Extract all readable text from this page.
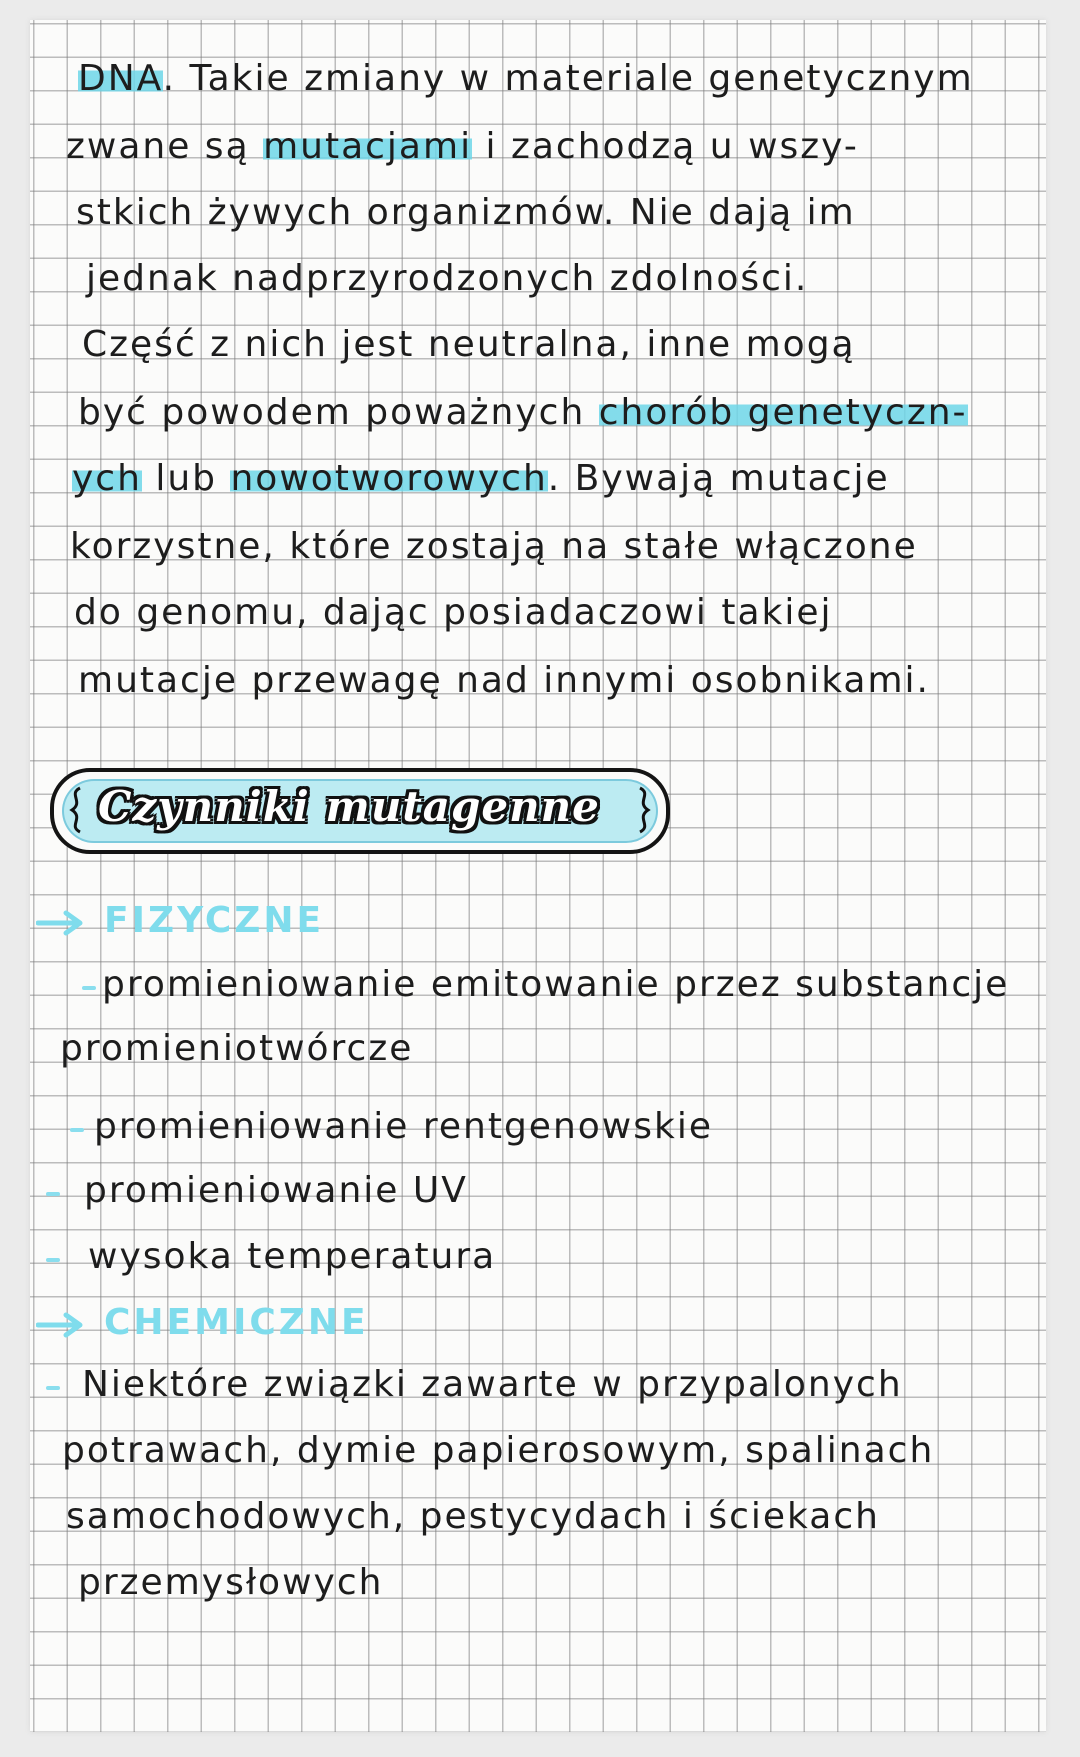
DNA. Takie zmiany w materiale genetycznym
zwane są mutacjami i zachodzą u wszy-
stkich żywych organizmów. Nie dają im
jednak nadprzyrodzonych zdolności.
Część z nich jest neutralna, inne mogą
być powodem poważnych chorób genetyczn-
ych lub nowotworowych. Bywają mutacje
korzystne, które zostają na stałe włączone
do genomu, dając posiadaczowi takiej
mutacje przewagę nad innymi osobnikami.
Czynniki mutagenne
FIZYCZNE
promieniowanie emitowanie przez substancje
promieniotwórcze
promieniowanie rentgenowskie
promieniowanie UV
wysoka temperatura
CHEMICZNE
Niektóre związki zawarte w przypalonych
potrawach, dymie papierosowym, spalinach
samochodowych, pestycydach i ściekach
przemysłowych
